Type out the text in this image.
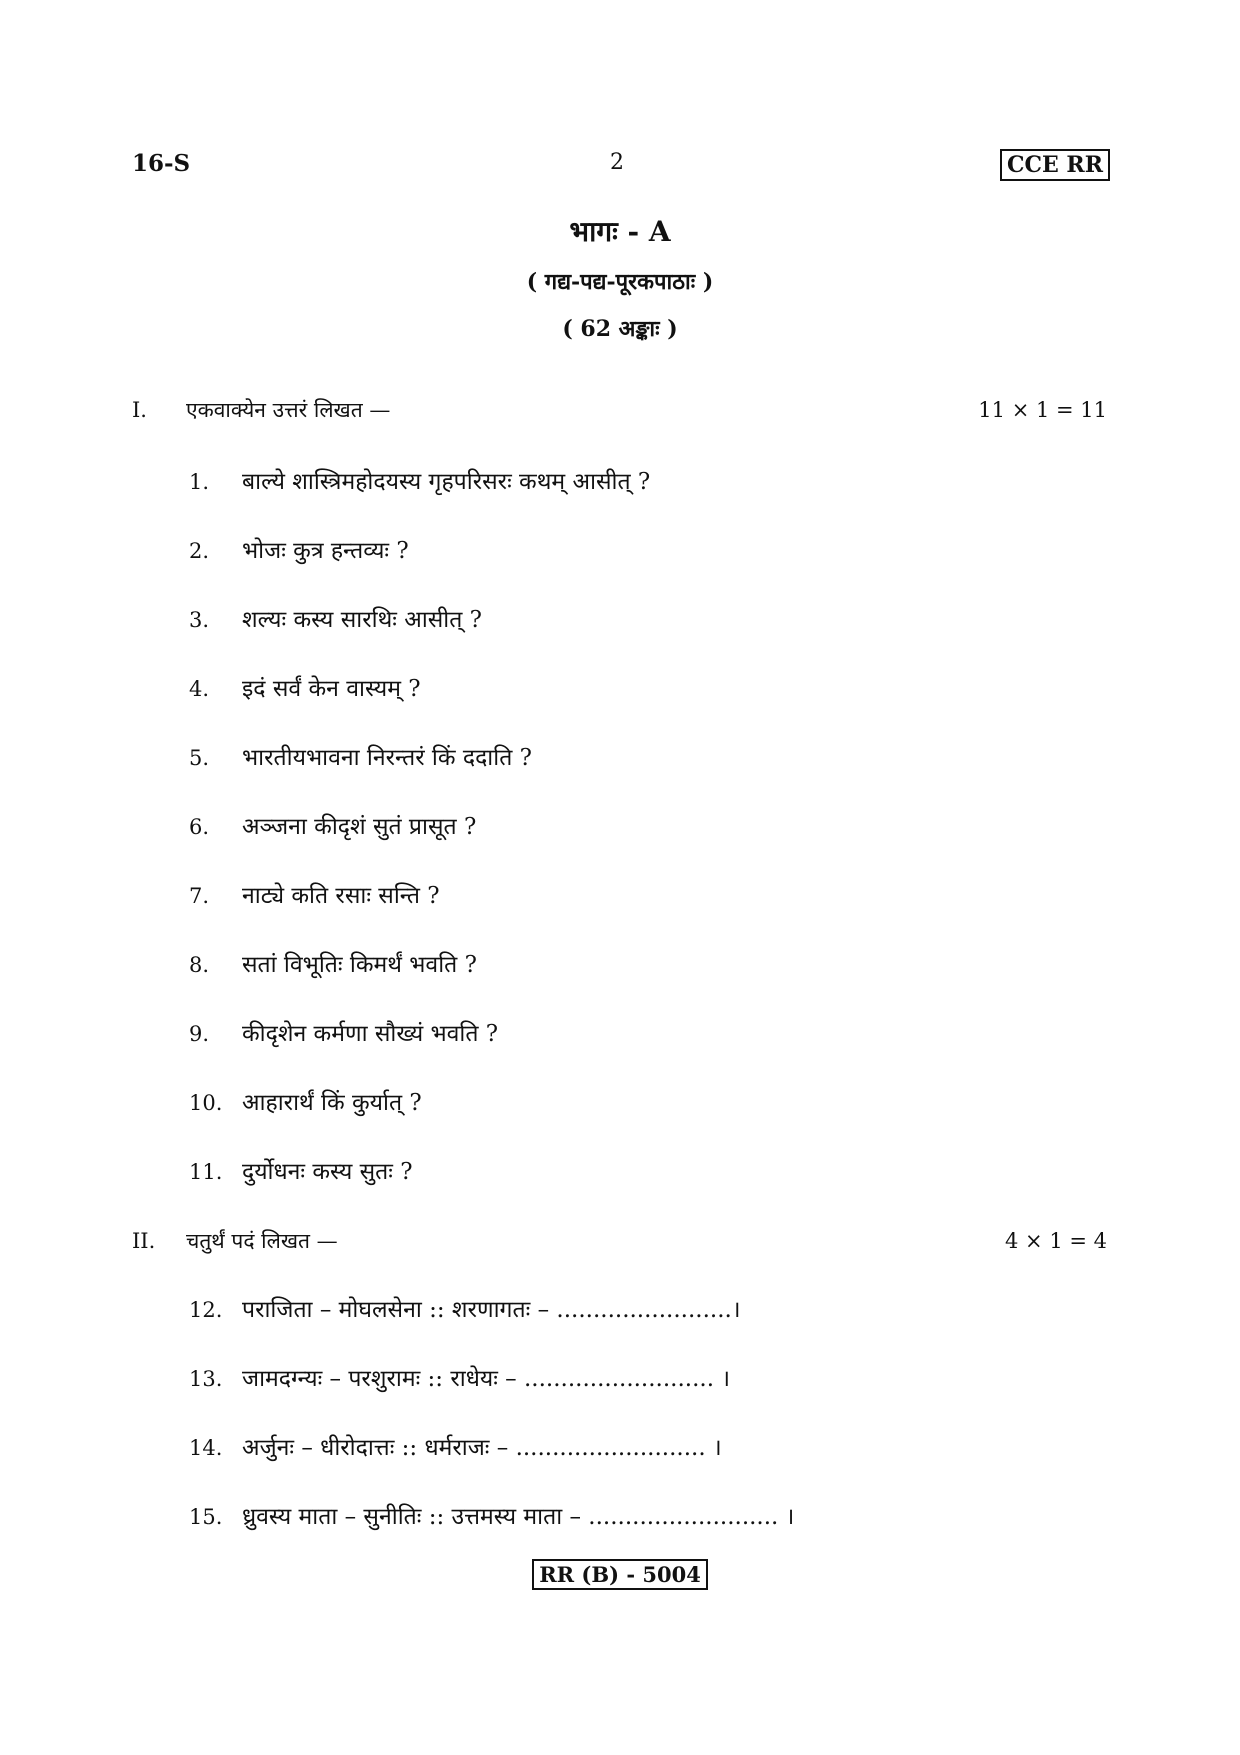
16-S	2	CCE RR
भागः - A
( गद्य-पद्य-पूरकपाठाः )
( 62 अङ्काः )
I. एकवाक्येन उत्तरं लिखत —	11 × 1 = 11
1.	बाल्ये शास्त्रिमहोदयस्य गृहपरिसरः कथम् आसीत् ?
2.	भोजः कुत्र हन्तव्यः ?
3.	शल्यः कस्य सारथिः आसीत् ?
4.	इदं सर्वं केन वास्यम् ?
5.	भारतीयभावना निरन्तरं किं ददाति ?
6.	अञ्जना कीदृशं सुतं प्रासूत ?
7.	नाट्ये कति रसाः सन्ति ?
8.	सतां विभूतिः किमर्थं भवति ?
9.	कीदृशेन कर्मणा सौख्यं भवति ?
10. आहारार्थं किं कुर्यात् ?
11. दुर्योधनः कस्य सुतः ?
II. चतुर्थं पदं लिखत —	4 × 1 = 4
12. पराजिता – मोघलसेना :: शरणागतः – ........................।
13. जामदग्न्यः – परशुरामः :: राधेयः – .......................... ।
14. अर्जुनः – धीरोदात्तः :: धर्मराजः – .......................... ।
15. ध्रुवस्य माता – सुनीतिः :: उत्तमस्य माता – .......................... ।
RR (B) - 5004
